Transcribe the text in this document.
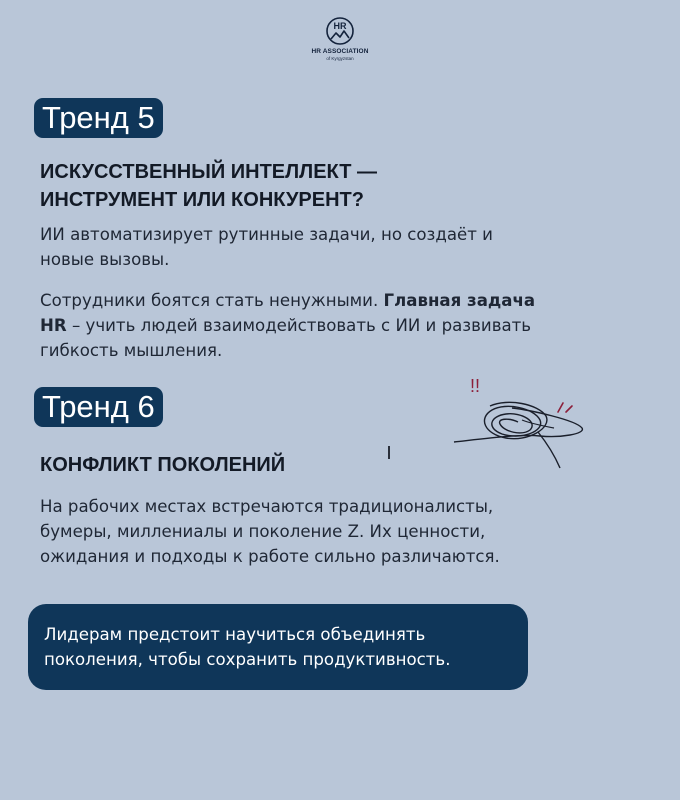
HR
HR ASSOCIATION
of Kyrgyzstan
Тренд 5
ИСКУССТВЕННЫЙ ИНТЕЛЛЕКТ —
ИНСТРУМЕНТ ИЛИ КОНКУРЕНТ?
ИИ автоматизирует рутинные задачи, но создаёт и
новые вызовы.
Сотрудники боятся стать ненужными. Главная задача
HR – учить людей взаимодействовать с ИИ и развивать
гибкость мышления.
Тренд 6
!!
КОНФЛИКТ ПОКОЛЕНИЙ
На рабочих местах встречаются традиционалисты,
бумеры, миллениалы и поколение Z. Их ценности,
ожидания и подходы к работе сильно различаются.
Лидерам предстоит научиться объединять
поколения, чтобы сохранить продуктивность.
